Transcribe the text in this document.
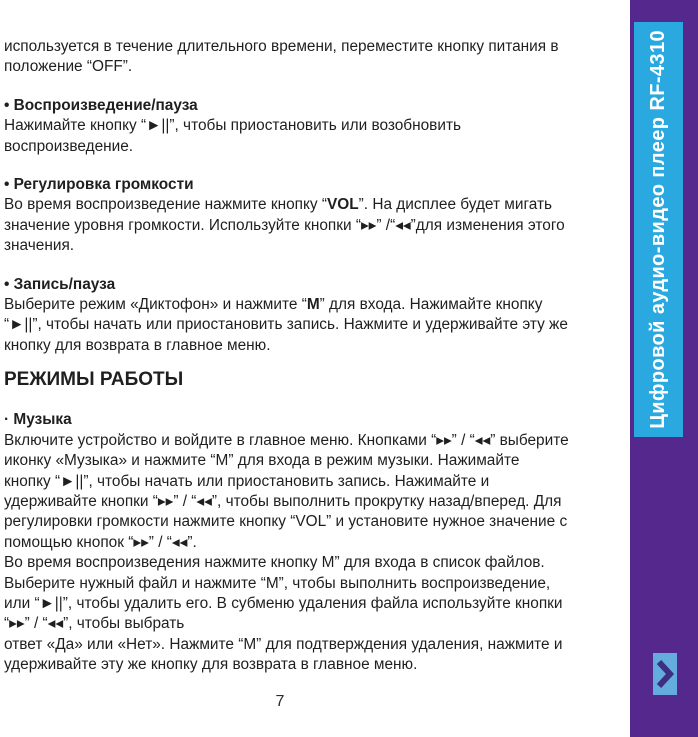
используется в течение длительного времени, переместите кнопку питания в
положение “OFF”.
• Воспроизведение/пауза
Нажимайте кнопку “►||”, чтобы приостановить или возобновить
воспроизведение.
• Регулировка громкости
Во время воспроизведение нажмите кнопку “VOL”. На дисплее будет мигать
значение уровня громкости. Используйте кнопки “▸▸” /“◂◂”для изменения этого
значения.
• Запись/пауза
Выберите режим «Диктофон» и нажмите “М” для входа. Нажимайте кнопку
“►||”, чтобы начать или приостановить запись. Нажмите и удерживайте эту же
кнопку для возврата в главное меню.
РЕЖИМЫ РАБОТЫ
· Музыка
Включите устройство и войдите в главное меню. Кнопками “▸▸” / “◂◂” выберите
иконку «Музыка» и нажмите “М” для входа в режим музыки. Нажимайте
кнопку “►||”, чтобы начать или приостановить запись. Нажимайте и
удерживайте кнопки “▸▸” / “◂◂”, чтобы выполнить прокрутку назад/вперед. Для
регулировки громкости нажмите кнопку “VOL” и установите нужное значение с
помощью кнопок “▸▸” / “◂◂”.
Во время воспроизведения нажмите кнопку М” для входа в список файлов.
Выберите нужный файл и нажмите “М”, чтобы выполнить воспроизведение,
или “►||”, чтобы удалить его. В субменю удаления файла используйте кнопки
“▸▸” / “◂◂”, чтобы выбрать
ответ «Да» или «Нет». Нажмите “М” для подтверждения удаления, нажмите и
удерживайте эту же кнопку для возврата в главное меню.
7
Цифровой аудио-видео плеер RF-4310
